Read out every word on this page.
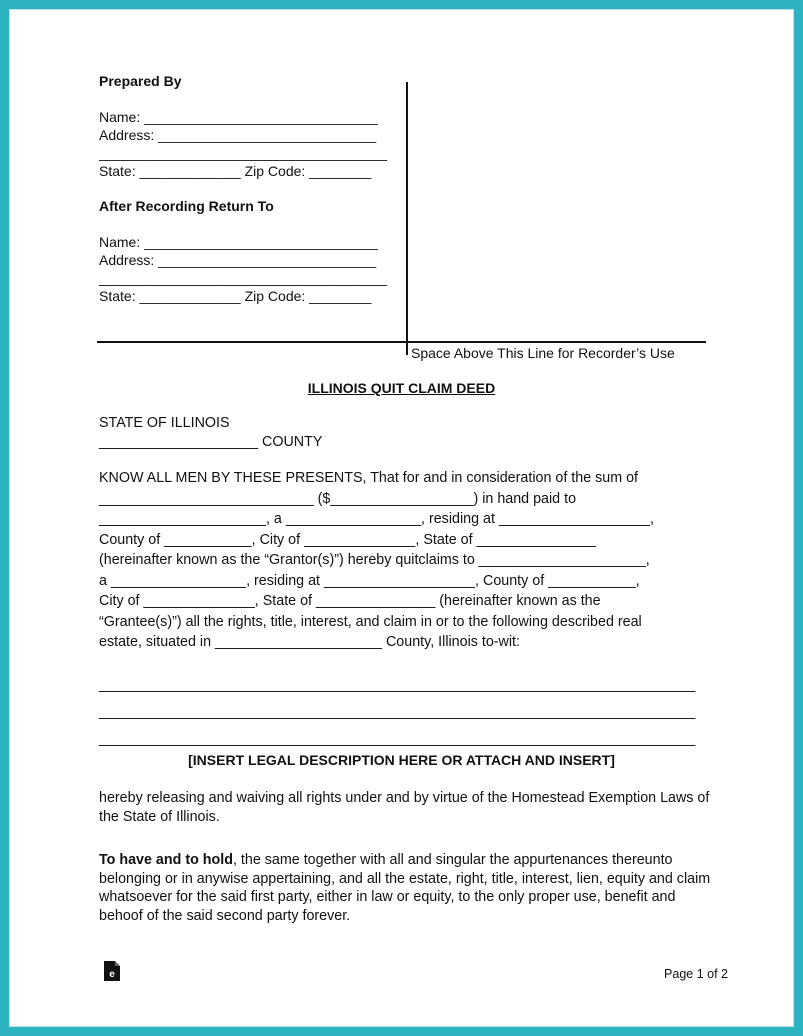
Prepared By
Name: ______________________________
Address: ____________________________
_____________________________________
State: _____________ Zip Code: ________
After Recording Return To
Name: ______________________________
Address: ____________________________
_____________________________________
State: _____________ Zip Code: ________
Space Above This Line for Recorder’s Use
ILLINOIS QUIT CLAIM DEED
STATE OF ILLINOIS
____________________ COUNTY
KNOW ALL MEN BY THESE PRESENTS, That for and in consideration of the sum of
___________________________ ($__________________) in hand paid to
_____________________, a _________________, residing at ___________________,
County of ___________, City of ______________, State of _______________
(hereinafter known as the “Grantor(s)”) hereby quitclaims to _____________________,
a _________________, residing at ___________________, County of ___________,
City of ______________, State of _______________ (hereinafter known as the
“Grantee(s)”) all the rights, title, interest, and claim in or to the following described real
estate, situated in _____________________ County, Illinois to-wit:
___________________________________________________________________________
___________________________________________________________________________
___________________________________________________________________________
[INSERT LEGAL DESCRIPTION HERE OR ATTACH AND INSERT]
hereby releasing and waiving all rights under and by virtue of the Homestead Exemption Laws of the State of Illinois.
To have and to hold, the same together with all and singular the appurtenances thereunto belonging or in anywise appertaining, and all the estate, right, title, interest, lien, equity and claim whatsoever for the said first party, either in law or equity, to the only proper use, benefit and behoof of the said second party forever.
e	Page 1 of 2
